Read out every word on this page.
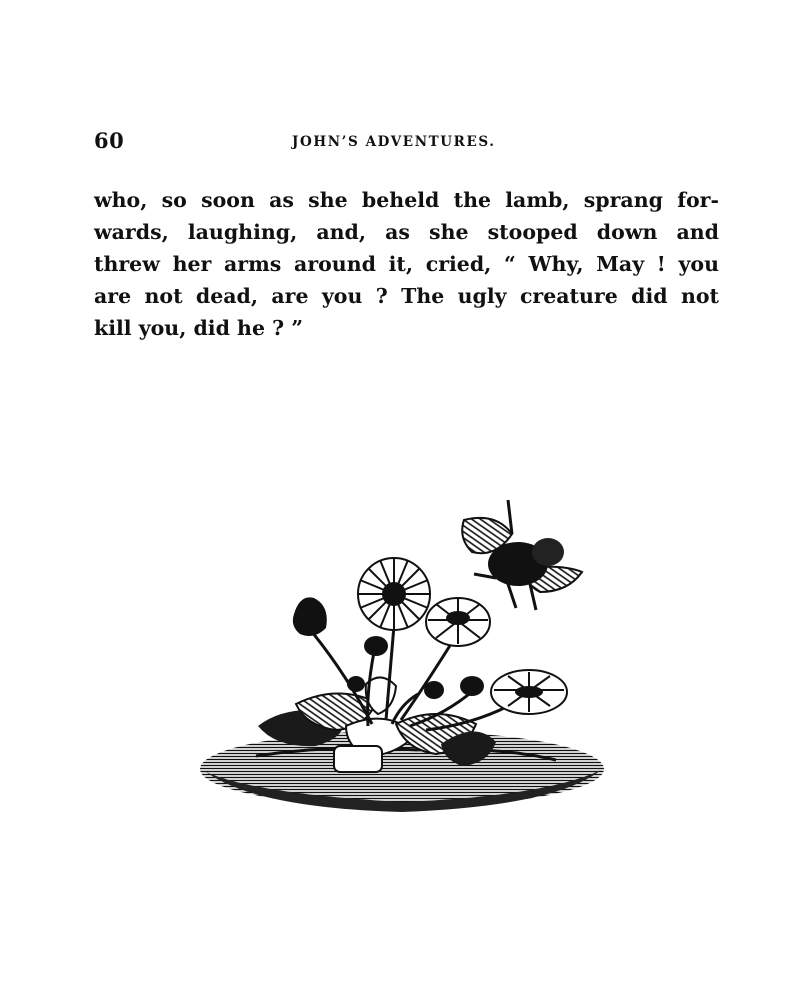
60	JOHN’S ADVENTURES.
who, so soon as she beheld the lamb, sprang for-
wards, laughing, and, as she stooped down and
threw her arms around it, cried, “ Why, May ! you
are not dead, are you ? The ugly creature did not
kill you, did he ? ”
